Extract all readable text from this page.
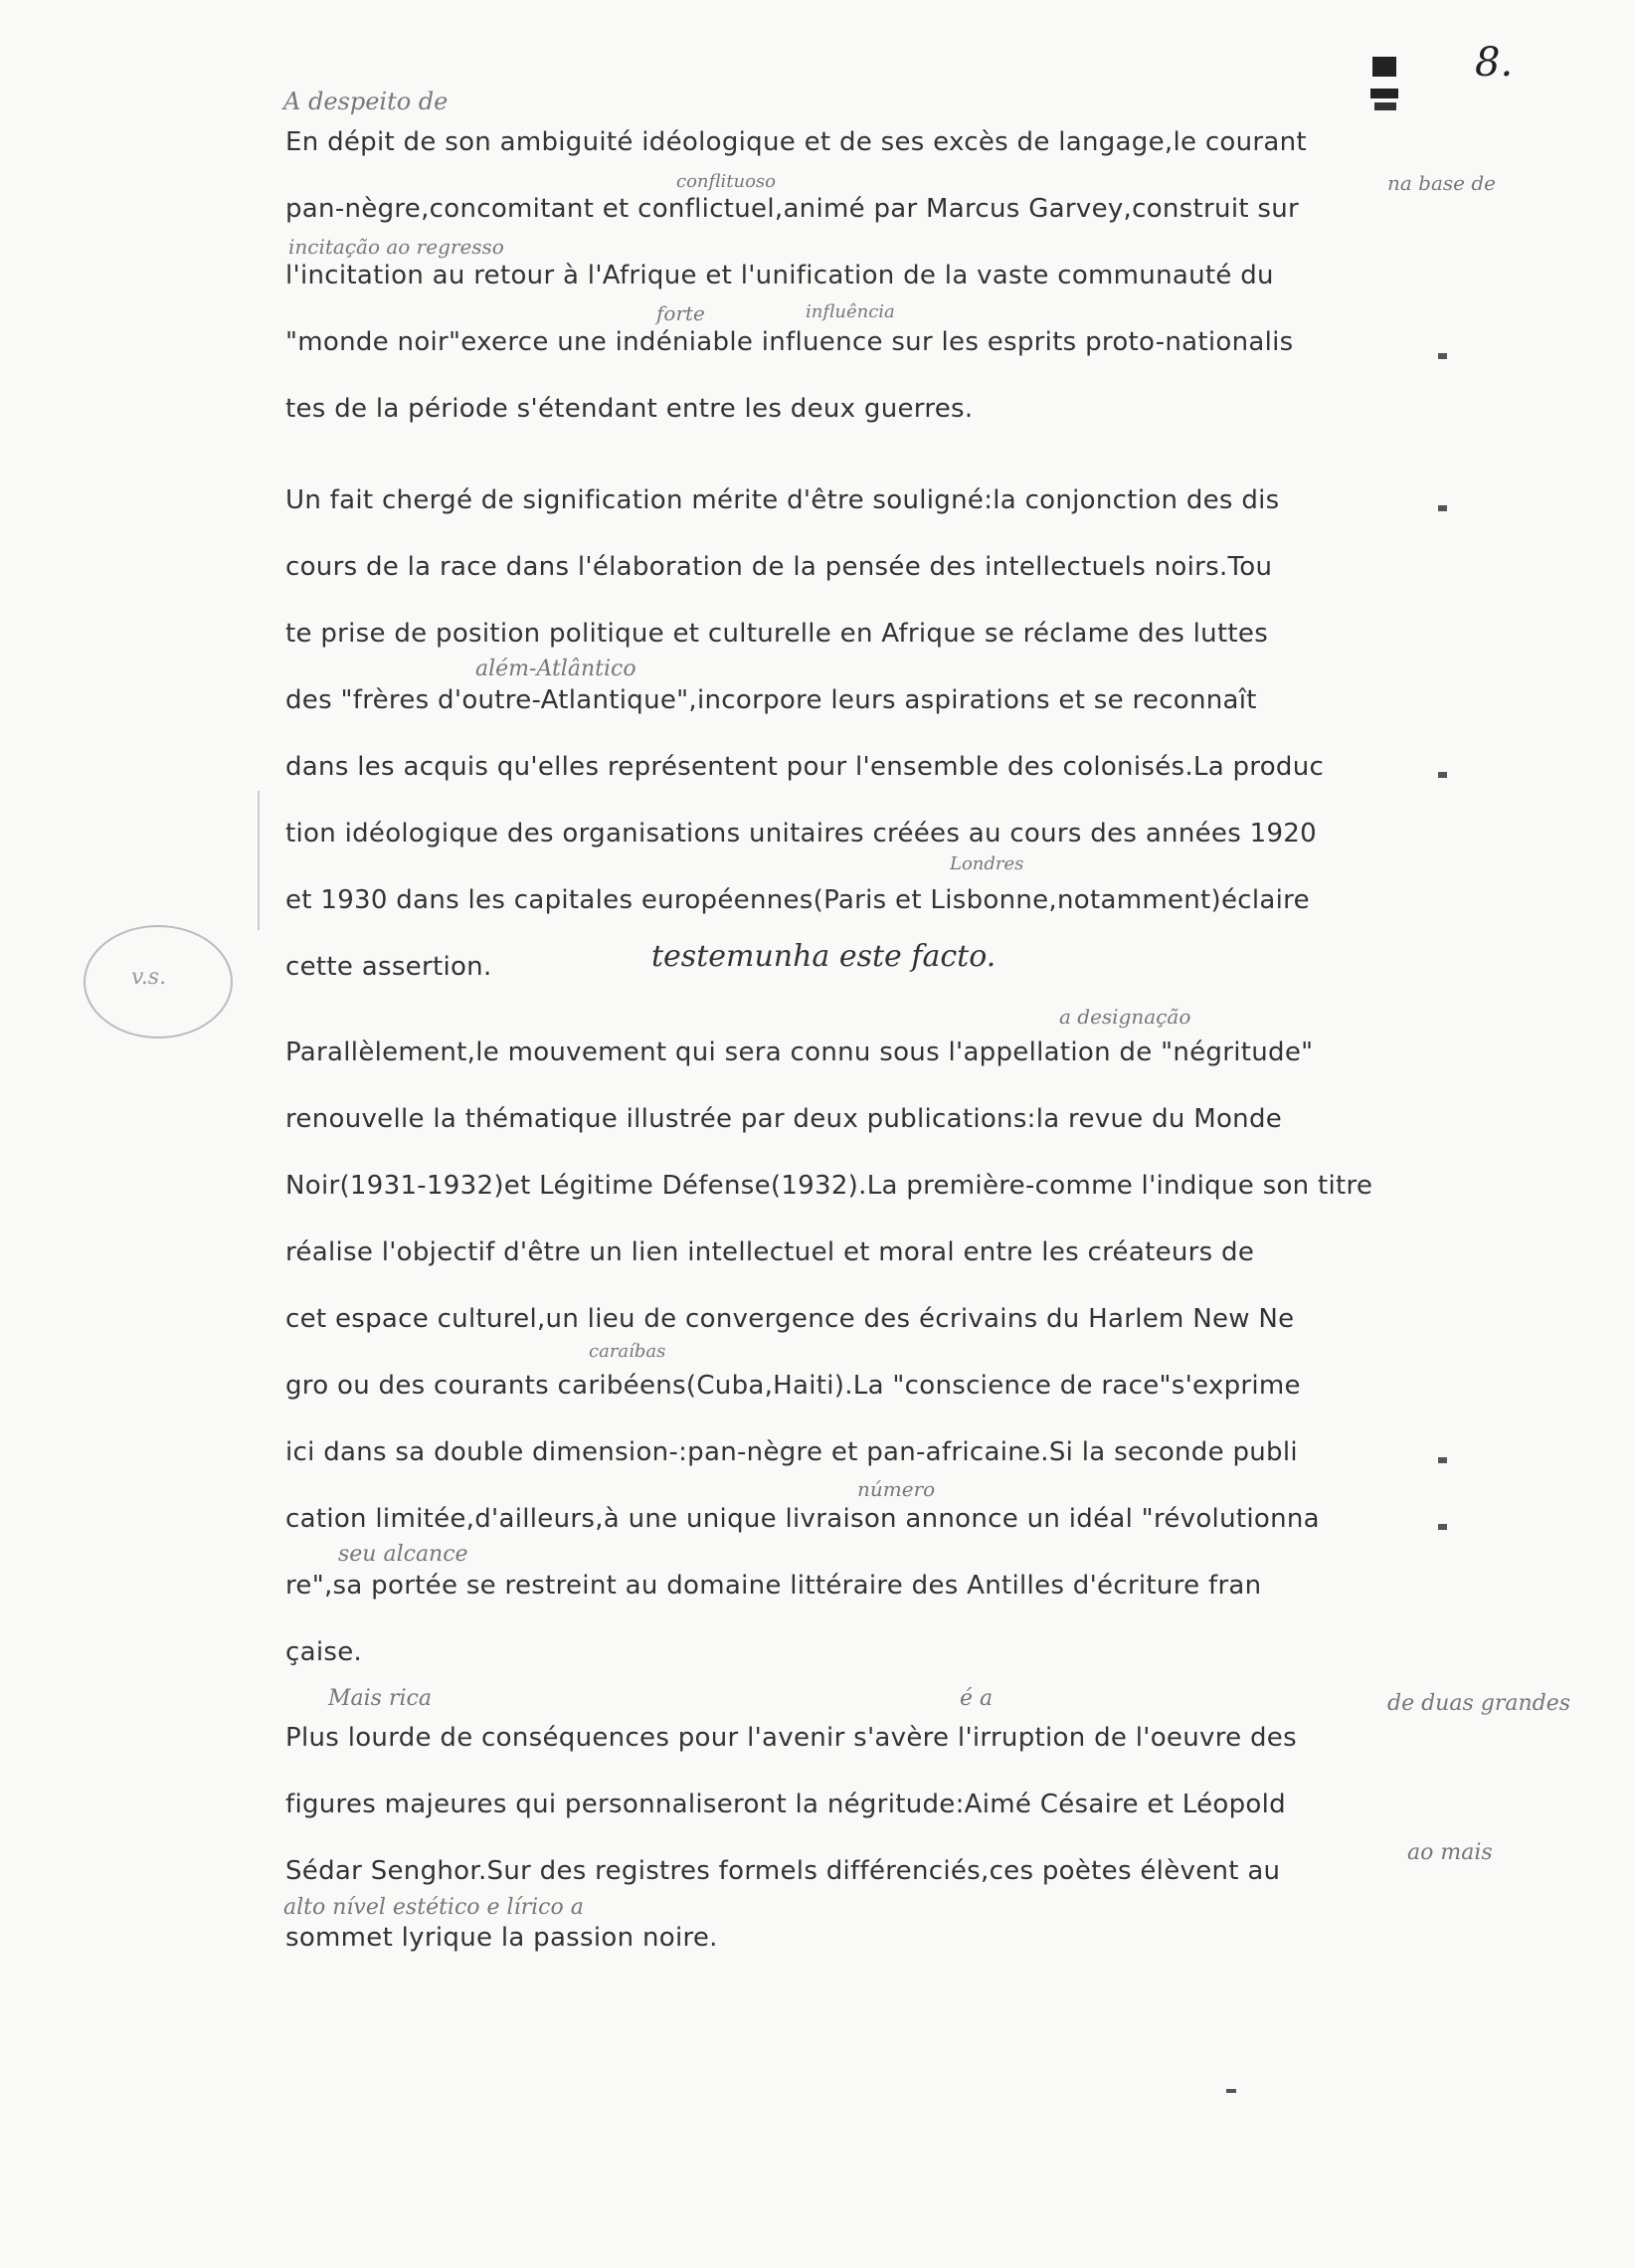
8.
En dépit de son ambiguité idéologique et de ses excès de langage,le courant
pan-nègre,concomitant et conflictuel,animé par Marcus Garvey,construit sur
l'incitation au retour à l'Afrique et l'unification de la vaste communauté du
"monde noir"exerce une indéniable influence sur les esprits proto-nationalis
tes de la période s'étendant entre les deux guerres.
Un fait chergé de signification mérite d'être souligné:la conjonction des dis
cours de la race dans l'élaboration de la pensée des intellectuels noirs.Tou
te prise de position politique et culturelle en Afrique se réclame des luttes
des "frères d'outre-Atlantique",incorpore leurs aspirations et se reconnaît
dans les acquis qu'elles représentent pour l'ensemble des colonisés.La produc
tion idéologique des organisations unitaires créées au cours des années 1920
et 1930 dans les capitales européennes(Paris et Lisbonne,notamment)éclaire
cette assertion.
Parallèlement,le mouvement qui sera connu sous l'appellation de "négritude"
renouvelle la thématique illustrée par deux publications:la revue du Monde
Noir(1931-1932)et Légitime Défense(1932).La première-comme l'indique son titre
réalise l'objectif d'être un lien intellectuel et moral entre les créateurs de
cet espace culturel,un lieu de convergence des écrivains du Harlem New Ne
gro ou des courants caribéens(Cuba,Haiti).La "conscience de race"s'exprime
ici dans sa double dimension-:pan-nègre et pan-africaine.Si la seconde publi
cation limitée,d'ailleurs,à une unique livraison annonce un idéal "révolutionna
re",sa portée se restreint au domaine littéraire des Antilles d'écriture fran
çaise.
Plus lourde de conséquences pour l'avenir s'avère l'irruption de l'oeuvre des
figures majeures qui personnaliseront la négritude:Aimé Césaire et Léopold
Sédar Senghor.Sur des registres formels différenciés,ces poètes élèvent au
sommet lyrique la passion noire.
A despeito de
conflituoso	na base de
incitação ao regresso
forte	influência
além-Atlântico
Londres
testemunha este facto.
a designação
caraíbas
número
seu alcance
Mais rica	é a	de duas grandes
ao mais
alto nível estético e lírico a
v.s.
